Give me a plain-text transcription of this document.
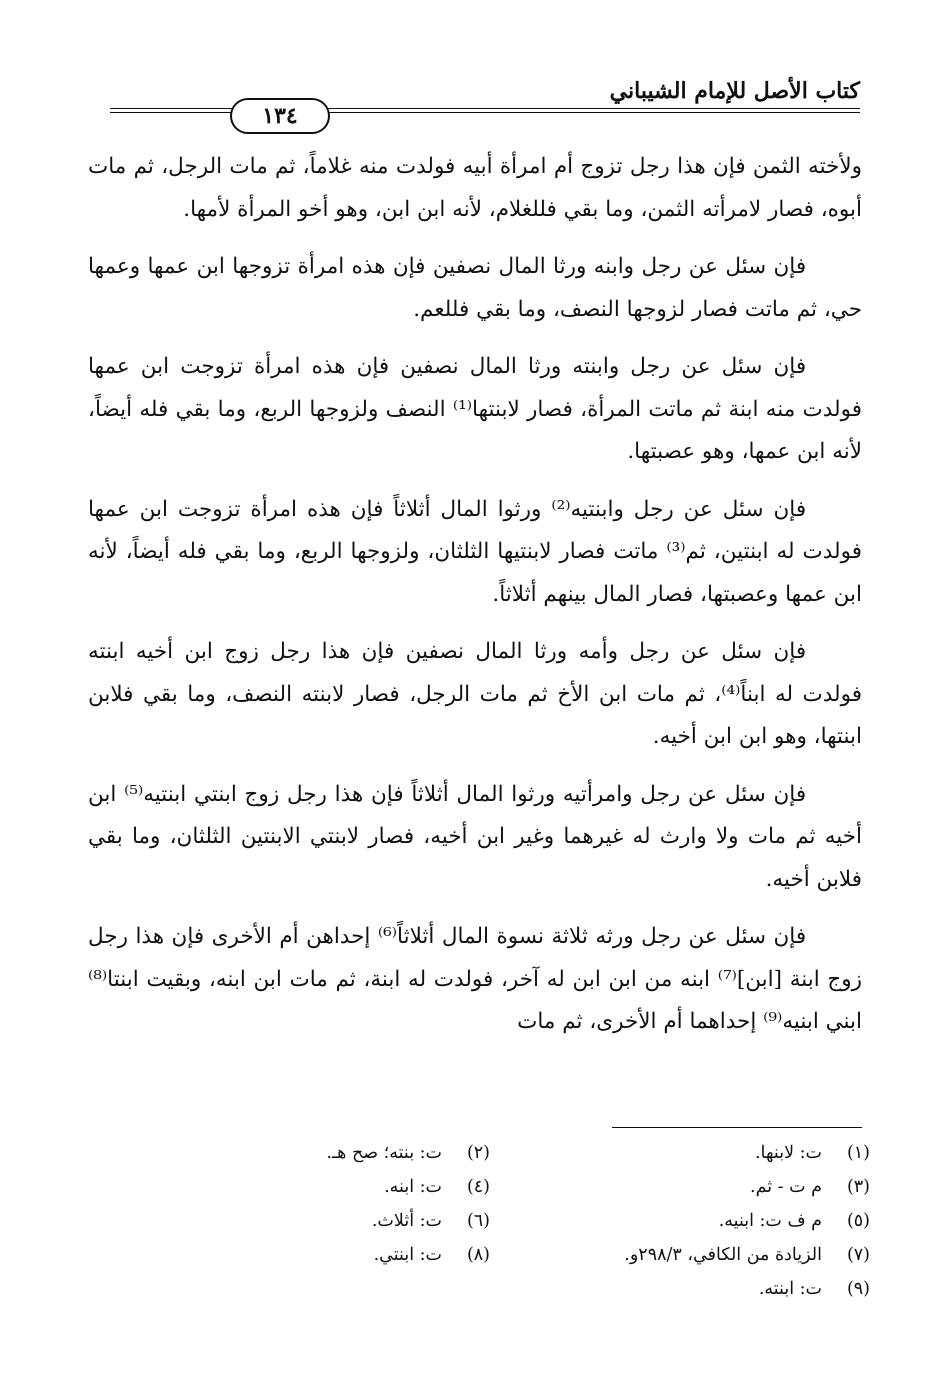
كتاب الأصل للإمام الشيباني
١٣٤

ولأخته الثمن فإن هذا رجل تزوج أم امرأة أبيه فولدت منه غلاماً، ثم مات الرجل، ثم مات أبوه، فصار لامرأته الثمن، وما بقي فللغلام، لأنه ابن ابن، وهو أخو المرأة لأمها.

فإن سئل عن رجل وابنه ورثا المال نصفين فإن هذه امرأة تزوجها ابن عمها وعمها حي، ثم ماتت فصار لزوجها النصف، وما بقي فللعم.

فإن سئل عن رجل وابنته ورثا المال نصفين فإن هذه امرأة تزوجت ابن عمها فولدت منه ابنة ثم ماتت المرأة، فصار لابنتها⁽¹⁾ النصف ولزوجها الربع، وما بقي فله أيضاً، لأنه ابن عمها، وهو عصبتها.

فإن سئل عن رجل وابنتيه⁽²⁾ ورثوا المال أثلاثاً فإن هذه امرأة تزوجت ابن عمها فولدت له ابنتين، ثم⁽³⁾ ماتت فصار لابنتيها الثلثان، ولزوجها الربع، وما بقي فله أيضاً، لأنه ابن عمها وعصبتها، فصار المال بينهم أثلاثاً.

فإن سئل عن رجل وأمه ورثا المال نصفين فإن هذا رجل زوج ابن أخيه ابنته فولدت له ابناً⁽⁴⁾، ثم مات ابن الأخ ثم مات الرجل، فصار لابنته النصف، وما بقي فلابن ابنتها، وهو ابن ابن أخيه.

فإن سئل عن رجل وامرأتيه ورثوا المال أثلاثاً فإن هذا رجل زوج ابنتي ابنتيه⁽⁵⁾ ابن أخيه ثم مات ولا وارث له غيرهما وغير ابن أخيه، فصار لابنتي الابنتين الثلثان، وما بقي فلابن أخيه.

فإن سئل عن رجل ورثه ثلاثة نسوة المال أثلاثاً⁽⁶⁾ إحداهن أم الأخرى فإن هذا رجل زوج ابنة [ابن]⁽⁷⁾ ابنه من ابن ابن له آخر، فولدت له ابنة، ثم مات ابن ابنه، وبقيت ابنتا⁽⁸⁾ ابني ابنيه⁽⁹⁾ إحداهما أم الأخرى، ثم مات

(١)ت: لابنها.
(٢)ت: بنته؛ صح هـ.
(٣)م ت - ثم.
(٤)ت: ابنه.
(٥)م ف ت: ابنيه.
(٦)ت: أثلاث.
(٧)الزيادة من الكافي، ٢٩٨/٣و.
(٨)ت: ابنتي.
(٩)ت: ابنته.
